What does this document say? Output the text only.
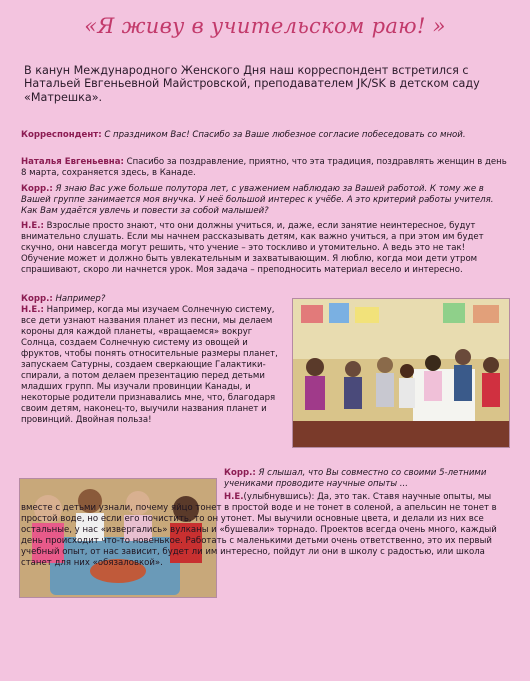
«Я живу в учительском раю! »
В канун Международного Женского Дня наш корреспондент встретился с Натальей Евгеньевной Майстровской, преподавателем JK/SK в детском саду «Матрешка».

Корреспондент: С праздником Вас! Спасибо за Ваше любезное согласие побеседовать со мной.

Наталья Евгеньевна: Спасибо за поздравление, приятно, что эта традиция, поздравлять женщин в день 8 марта, сохраняется здесь, в Канаде.

Корр.: Я знаю Вас уже больше полутора лет, с уважением наблюдаю за Вашей работой. К тому же в Вашей группе занимается моя внучка. У неё большой интерес к учёбе. А это критерий работы учителя. Как Вам удаётся увлечь и повести за собой малышей?

Н.Е.: Взрослые просто знают, что они должны учиться, и, даже, если занятие неинтересное, будут внимательно слушать. Если мы начнем рассказывать детям, как важно учиться, а при этом им будет скучно, они навсегда могут решить, что учение – это тоскливо и утомительно. А ведь это не так! Обучение может и должно быть увлекательным и захватывающим. Я люблю, когда мои дети утром спрашивают, скоро ли начнется урок. Моя задача – преподносить материал весело и интересно.

Корр.: Например?

Н.Е.: Например, когда мы изучаем Солнечную систему, все дети узнают названия планет из песни, мы делаем короны для каждой планеты, «вращаемся» вокруг Солнца, создаем Солнечную систему из овощей и фруктов, чтобы понять относительные размеры планет, запускаем Сатурны, создаем сверкающие Галактики-спирали, а потом делаем презентацию перед детьми младших групп. Мы изучали провинции Канады, и некоторые родители признавались мне, что, благодаря своим детям, наконец-то, выучили названия планет и провинций. Двойная польза!

Корр.: Я слышал, что Вы совместно со своими 5-летними учениками проводите научные опыты ...

Н.Е.(улыбнувшись): Да, это так. Ставя научные опыты, мы вместе с детьми узнали, почему яйцо тонет в простой воде и не тонет в соленой, а апельсин не тонет в простой воде, но если его почистить, то он утонет. Мы выучили основные цвета, и делали из них все остальные, у нас «извергались» вулканы и «бушевали» торнадо. Проектов всегда очень много, каждый день происходит что-то новенькое. Работать с маленькими детьми очень ответственно, это их первый учебный опыт, от нас зависит, будет ли им интересно, пойдут ли они в школу с радостью, или школа станет для них «обязаловкой».
